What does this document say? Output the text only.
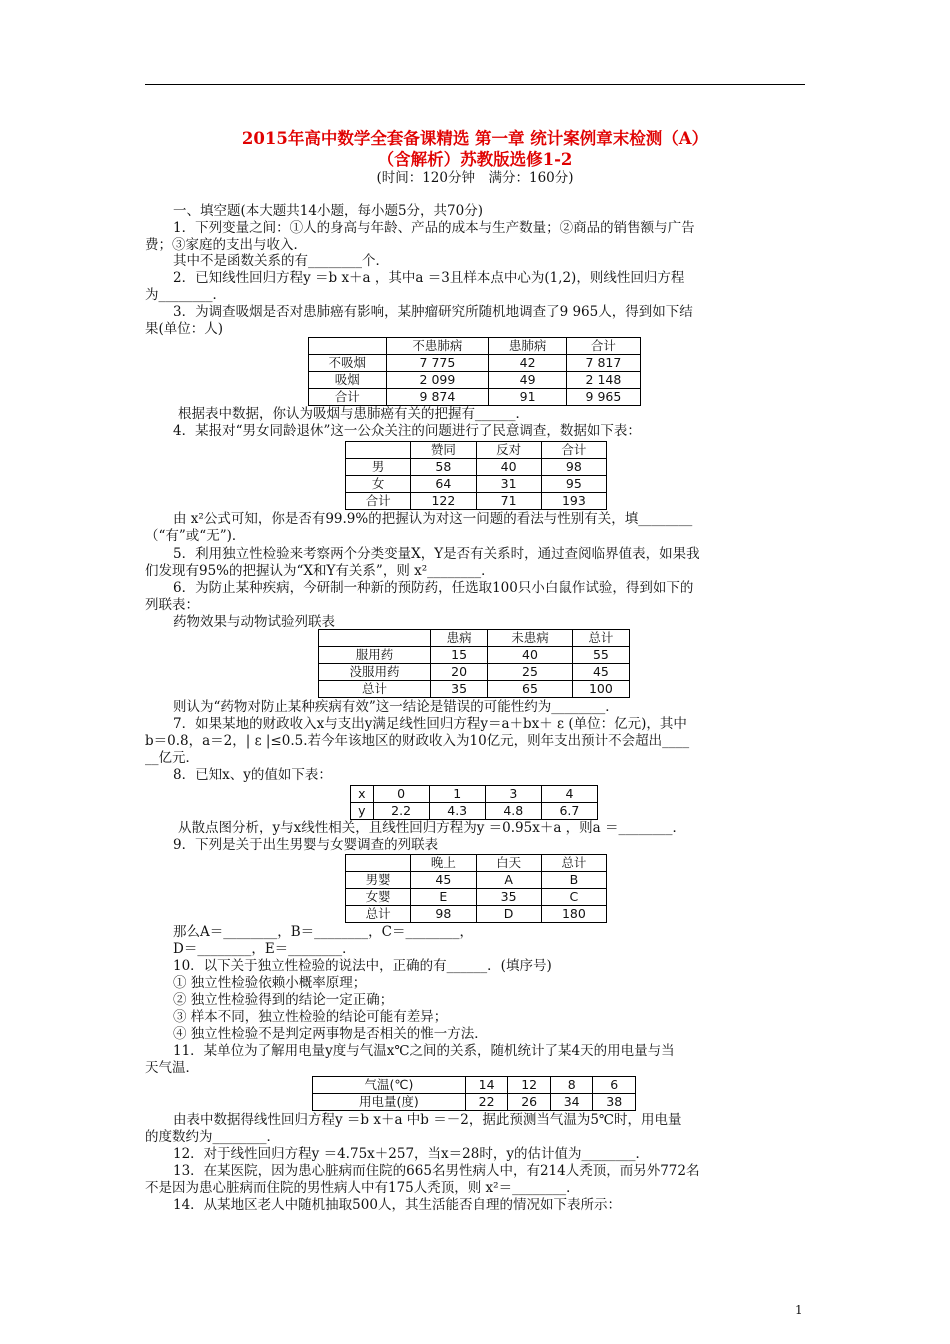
2015年高中数学全套备课精选 第一章 统计案例章末检测（A）
（含解析）苏教版选修1-2
(时间：120分钟　满分：160分)
一、填空题(本大题共14小题，每小题5分，共70分)
1．下列变量之间：①人的身高与年龄、产品的成本与生产数量；②商品的销售额与广告
费；③家庭的支出与收入．
其中不是函数关系的有________个．
2．已知线性回归方程y ＝b x＋a ，其中a ＝3且样本点中心为(1,2)，则线性回归方程
为________．
3．为调查吸烟是否对患肺癌有影响，某肿瘤研究所随机地调查了9 965人，得到如下结
果(单位：人)
	不患肺病	患肺病	合计
不吸烟	7 775	42	7 817
吸烟	2 099	49	2 148
合计	9 874	91	9 965
根据表中数据，你认为吸烟与患肺癌有关的把握有______．
4．某报对“男女同龄退休”这一公众关注的问题进行了民意调查，数据如下表：
	赞同	反对	合计
男	58	40	98
女	64	31	95
合计	122	71	193
由 x²公式可知，你是否有99.9%的把握认为对这一问题的看法与性别有关，填________
（“有”或“无”)．
5．利用独立性检验来考察两个分类变量X，Y是否有关系时，通过查阅临界值表，如果我
们发现有95%的把握认为“X和Y有关系”，则 x²________．
6．为防止某种疾病，今研制一种新的预防药，任选取100只小白鼠作试验，得到如下的
列联表：
药物效果与动物试验列联表
	患病	未患病	总计
服用药	15	40	55
没服用药	20	25	45
总计	35	65	100
则认为“药物对防止某种疾病有效”这一结论是错误的可能性约为________．
7．如果某地的财政收入x与支出y满足线性回归方程y＝a＋bx＋ ε (单位：亿元)，其中
b＝0.8，a＝2，| ε |≤0.5.若今年该地区的财政收入为10亿元，则年支出预计不会超出____
__亿元．
8．已知x、y的值如下表：
x	0	1	3	4
y	2.2	4.3	4.8	6.7
从散点图分析，y与x线性相关，且线性回归方程为y ＝0.95x＋a ，则a ＝________．
9．下列是关于出生男婴与女婴调查的列联表
	晚上	白天	总计
男婴	45	A	B
女婴	E	35	C
总计	98	D	180
那么A＝________，B＝________，C＝________，
D＝________，E＝________．
10．以下关于独立性检验的说法中，正确的有______．(填序号)
① 独立性检验依赖小概率原理；
② 独立性检验得到的结论一定正确；
③ 样本不同，独立性检验的结论可能有差异；
④ 独立性检验不是判定两事物是否相关的惟一方法．
11．某单位为了解用电量y度与气温x℃之间的关系，随机统计了某4天的用电量与当
天气温．
气温(℃)	14	12	8	6
用电量(度)	22	26	34	38
由表中数据得线性回归方程y ＝b x＋a 中b ＝－2，据此预测当气温为5℃时，用电量
的度数约为________．
12．对于线性回归方程y ＝4.75x＋257，当x＝28时，y的估计值为________．
13．在某医院，因为患心脏病而住院的665名男性病人中，有214人秃顶，而另外772名
不是因为患心脏病而住院的男性病人中有175人秃顶，则 x²＝________．
14．从某地区老人中随机抽取500人，其生活能否自理的情况如下表所示：
1
